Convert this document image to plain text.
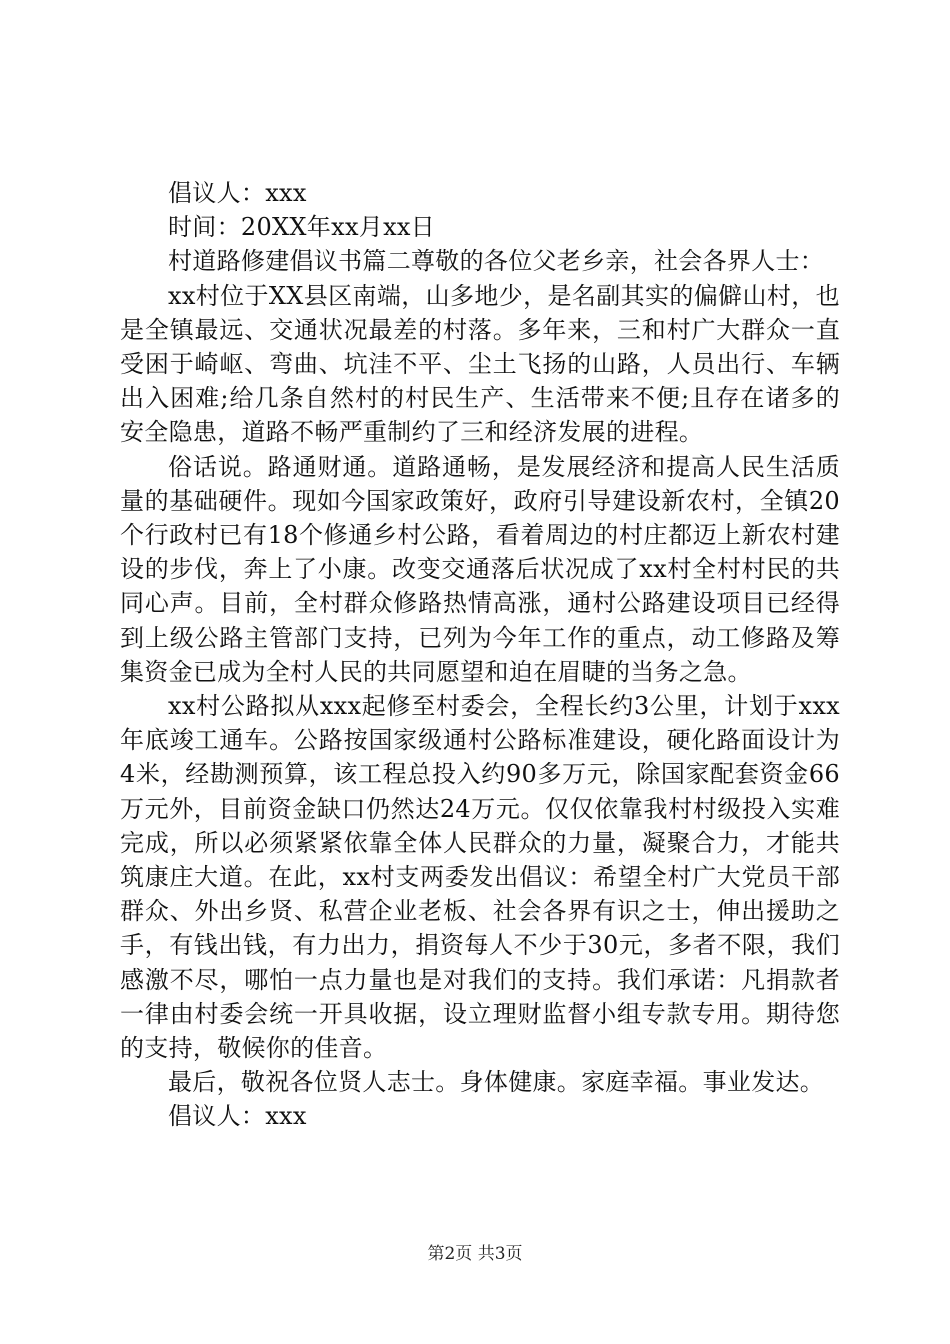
倡议人：xxx

时间：20XX年xx月xx日

村道路修建倡议书篇二尊敬的各位父老乡亲，社会各界人士：

xx村位于XX县区南端，山多地少，是名副其实的偏僻山村，也是全镇最远、交通状况最差的村落。多年来，三和村广大群众一直受困于崎岖、弯曲、坑洼不平、尘土飞扬的山路，人员出行、车辆出入困难;给几条自然村的村民生产、生活带来不便;且存在诸多的安全隐患，道路不畅严重制约了三和经济发展的进程。

俗话说。路通财通。道路通畅，是发展经济和提高人民生活质量的基础硬件。现如今国家政策好，政府引导建设新农村，全镇20个行政村已有18个修通乡村公路，看着周边的村庄都迈上新农村建设的步伐，奔上了小康。改变交通落后状况成了xx村全村村民的共同心声。目前，全村群众修路热情高涨，通村公路建设项目已经得到上级公路主管部门支持，已列为今年工作的重点，动工修路及筹集资金已成为全村人民的共同愿望和迫在眉睫的当务之急。

xx村公路拟从xxx起修至村委会，全程长约3公里，计划于xxx年底竣工通车。公路按国家级通村公路标准建设，硬化路面设计为4米，经勘测预算，该工程总投入约90多万元，除国家配套资金66万元外，目前资金缺口仍然达24万元。仅仅依靠我村村级投入实难完成，所以必须紧紧依靠全体人民群众的力量，凝聚合力，才能共筑康庄大道。在此，xx村支两委发出倡议：希望全村广大党员干部群众、外出乡贤、私营企业老板、社会各界有识之士，伸出援助之手，有钱出钱，有力出力，捐资每人不少于30元，多者不限，我们感激不尽，哪怕一点力量也是对我们的支持。我们承诺：凡捐款者一律由村委会统一开具收据，设立理财监督小组专款专用。期待您的支持，敬候你的佳音。

最后，敬祝各位贤人志士。身体健康。家庭幸福。事业发达。

倡议人：xxx

第2页 共3页
